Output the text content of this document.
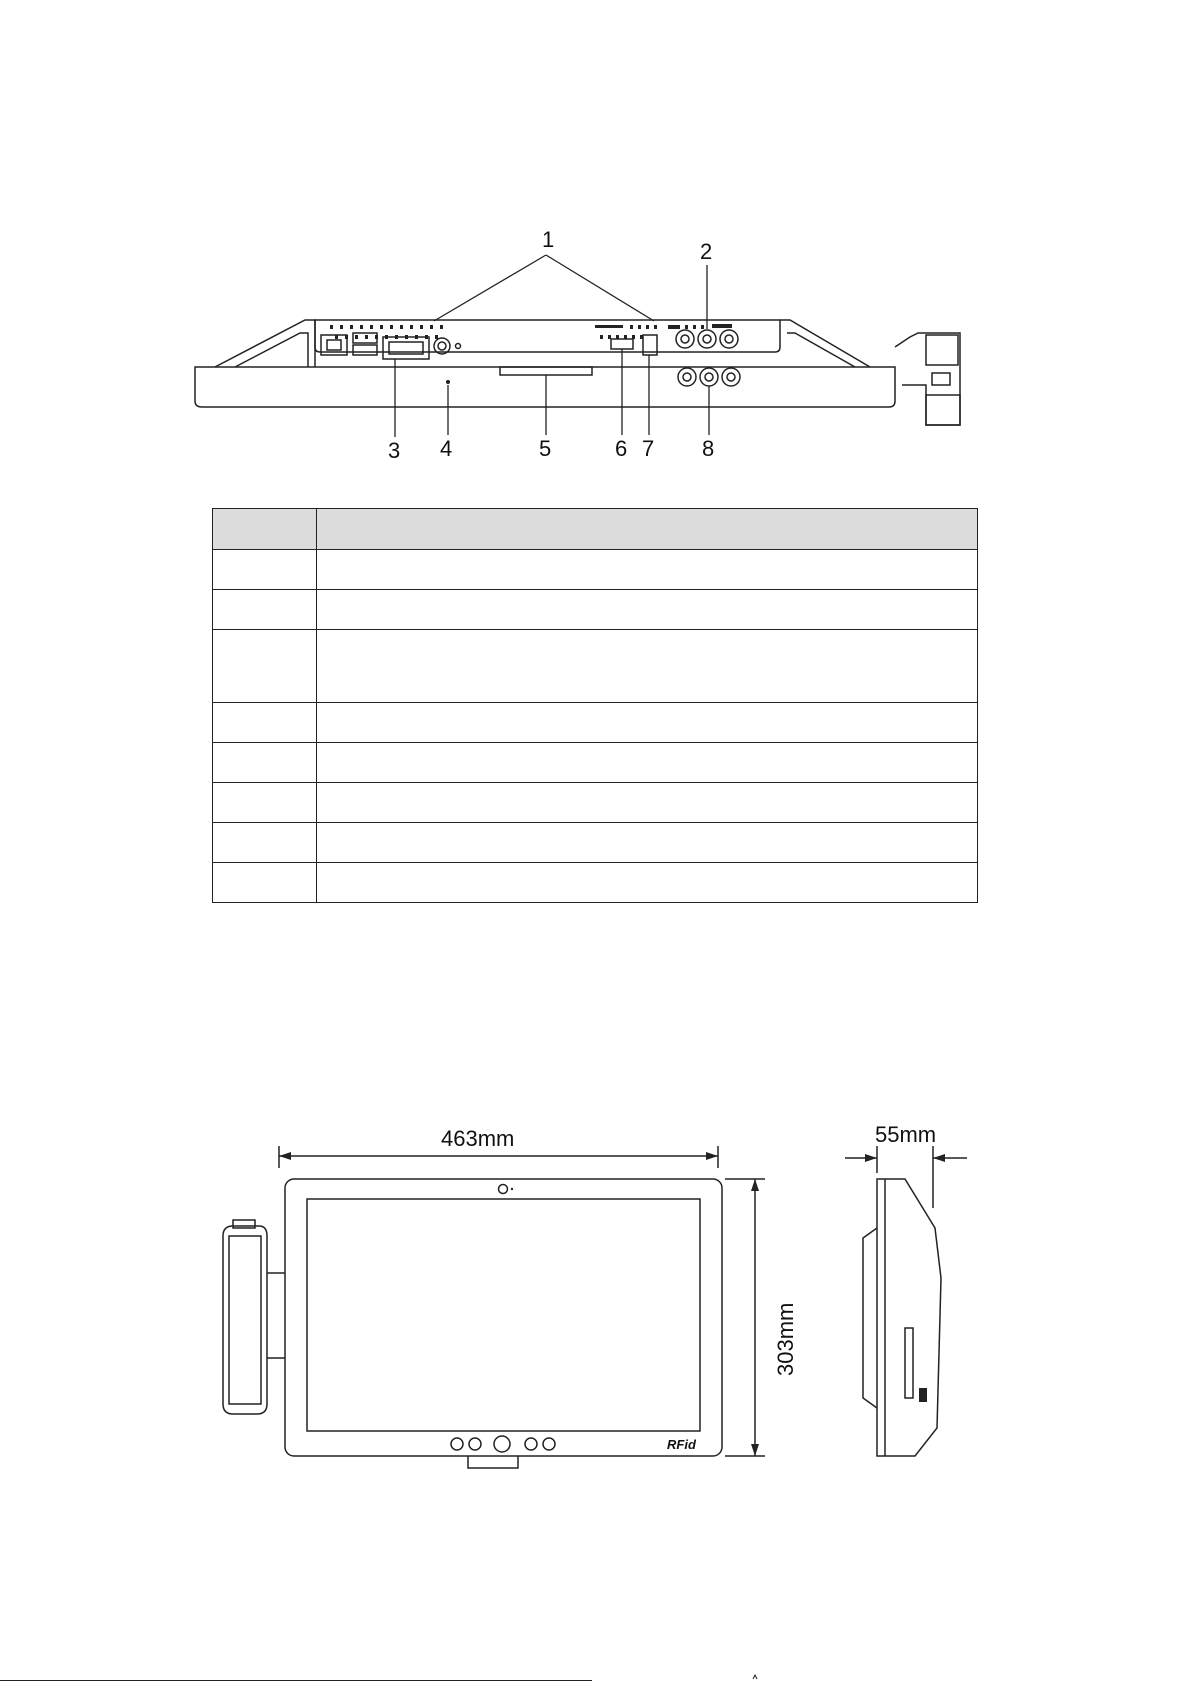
1	2
3 4	5	6 7 8

463mm	55mm
303mm
RFid
